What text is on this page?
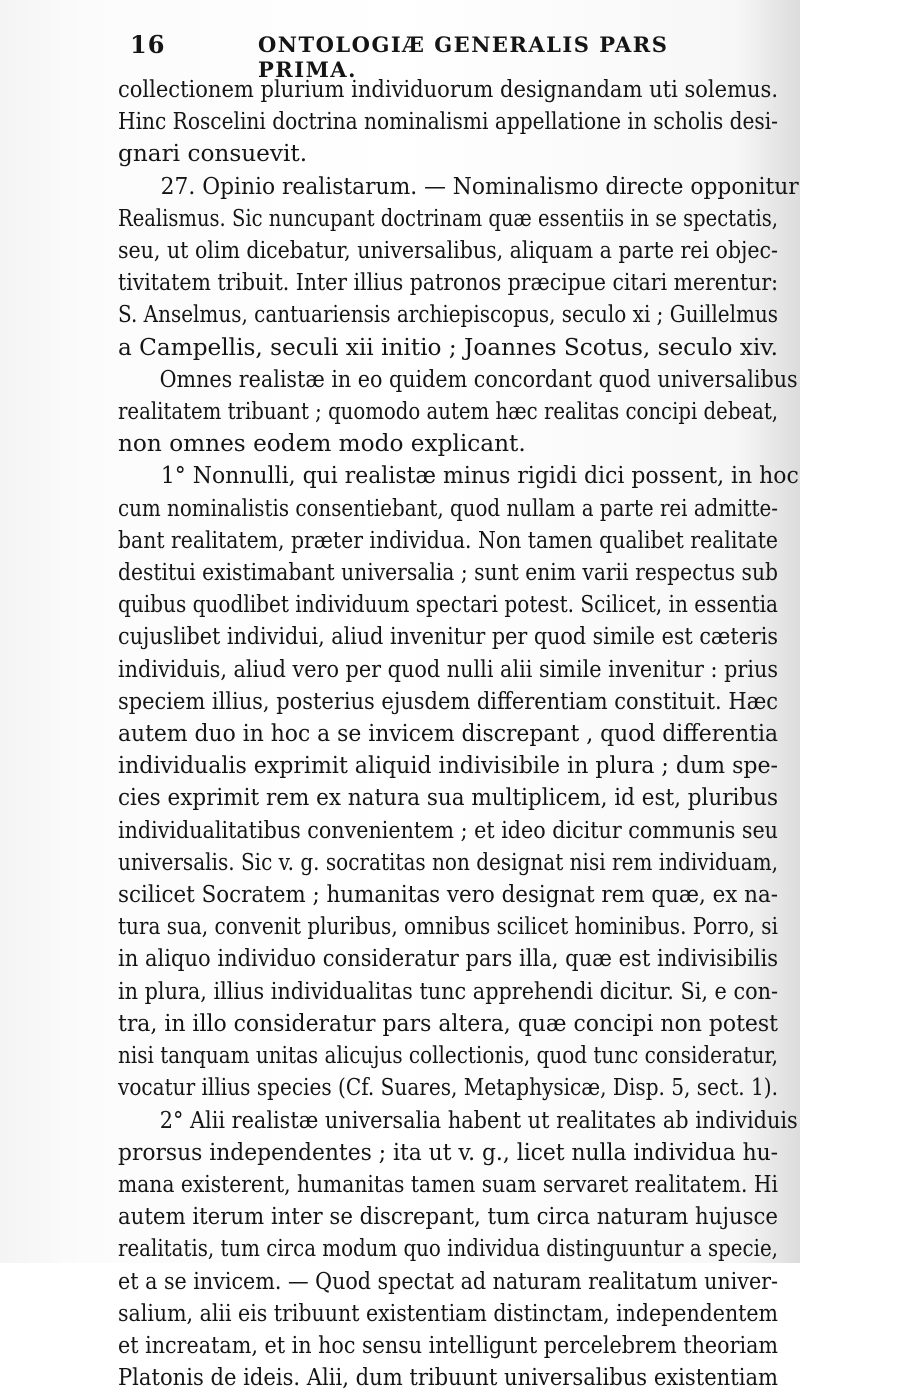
16	ONTOLOGIÆ GENERALIS PARS PRIMA.
collectionem plurium individuorum designandam uti solemus.
Hinc Roscelini doctrina nominalismi appellatione in scholis desi-
gnari consuevit.
27. Opinio realistarum. — Nominalismo directe opponitur
Realismus. Sic nuncupant doctrinam quæ essentiis in se spectatis,
seu, ut olim dicebatur, universalibus, aliquam a parte rei objec-
tivitatem tribuit. Inter illius patronos præcipue citari merentur:
S. Anselmus, cantuariensis archiepiscopus, seculo xi ; Guillelmus
a Campellis, seculi xii initio ; Joannes Scotus, seculo xiv.
Omnes realistæ in eo quidem concordant quod universalibus
realitatem tribuant ; quomodo autem hæc realitas concipi debeat,
non omnes eodem modo explicant.
1° Nonnulli, qui realistæ minus rigidi dici possent, in hoc
cum nominalistis consentiebant, quod nullam a parte rei admitte-
bant realitatem, præter individua. Non tamen qualibet realitate
destitui existimabant universalia ; sunt enim varii respectus sub
quibus quodlibet individuum spectari potest. Scilicet, in essentia
cujuslibet individui, aliud invenitur per quod simile est cæteris
individuis, aliud vero per quod nulli alii simile invenitur : prius
speciem illius, posterius ejusdem differentiam constituit. Hæc
autem duo in hoc a se invicem discrepant , quod differentia
individualis exprimit aliquid indivisibile in plura ; dum spe-
cies exprimit rem ex natura sua multiplicem, id est, pluribus
individualitatibus convenientem ; et ideo dicitur communis seu
universalis. Sic v. g. socratitas non designat nisi rem individuam,
scilicet Socratem ; humanitas vero designat rem quæ, ex na-
tura sua, convenit pluribus, omnibus scilicet hominibus. Porro, si
in aliquo individuo consideratur pars illa, quæ est indivisibilis
in plura, illius individualitas tunc apprehendi dicitur. Si, e con-
tra, in illo consideratur pars altera, quæ concipi non potest
nisi tanquam unitas alicujus collectionis, quod tunc consideratur,
vocatur illius species (Cf. Suares, Metaphysicæ, Disp. 5, sect. 1).
2° Alii realistæ universalia habent ut realitates ab individuis
prorsus independentes ; ita ut v. g., licet nulla individua hu-
mana existerent, humanitas tamen suam servaret realitatem. Hi
autem iterum inter se discrepant, tum circa naturam hujusce
realitatis, tum circa modum quo individua distinguuntur a specie,
et a se invicem. — Quod spectat ad naturam realitatum univer-
salium, alii eis tribuunt existentiam distinctam, independentem
et increatam, et in hoc sensu intelligunt percelebrem theoriam
Platonis de ideis. Alii, dum tribuunt universalibus existentiam
